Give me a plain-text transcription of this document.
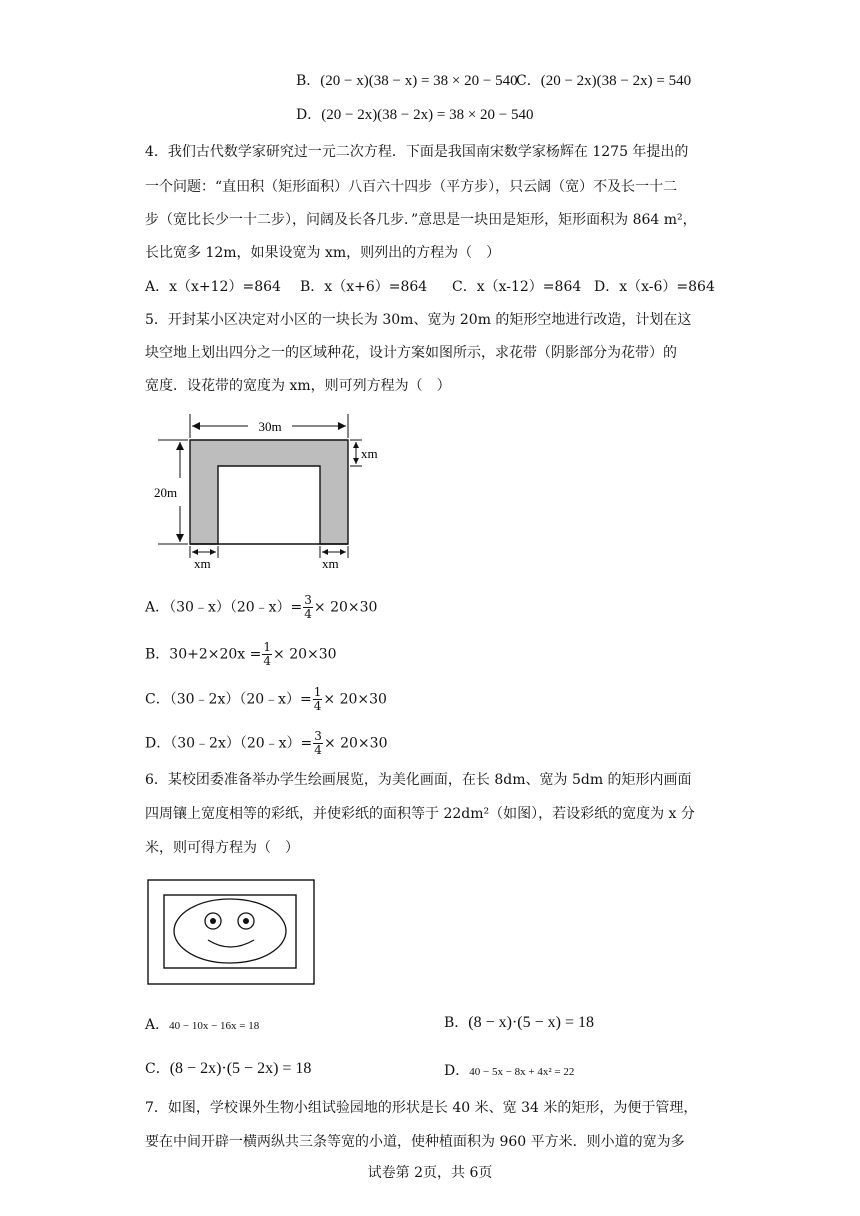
B．(20 − x)(38 − x) = 38 × 20 − 540
C．(20 − 2x)(38 − 2x) = 540
D．(20 − 2x)(38 − 2x) = 38 × 20 − 540
4．我们古代数学家研究过一元二次方程．下面是我国南宋数学家杨辉在 1275 年提出的
一个问题：“直田积（矩形面积）八百六十四步（平方步），只云阔（宽）不及长一十二
步（宽比长少一十二步），问阔及长各几步．”意思是一块田是矩形，矩形面积为 864 m²，
长比宽多 12m，如果设宽为 xm，则列出的方程为（　）
A．x（x+12）=864 B．x（x+6）=864 C．x（x-12）=864 D．x（x-6）=864
5．开封某小区决定对小区的一块长为 30m、宽为 20m 的矩形空地进行改造，计划在这
块空地上划出四分之一的区域种花，设计方案如图所示，求花带（阴影部分为花带）的
宽度．设花带的宽度为 xm，则可列方程为（　）
30m
20m
xm
xm	xm
A．（30﹣x）（20﹣x）= $\frac{3}{4} \times 20\times 30$
B．$30+2\times 20x = \frac{1}{4} \times 20\times 30$
C．（30﹣2x）（20﹣x）= $\frac{1}{4} \times 20\times 30$
D．（30﹣2x）（20﹣x）= $\frac{3}{4} \times 20\times 30$
6．某校团委准备举办学生绘画展览，为美化画面，在长 8dm、宽为 5dm 的矩形内画面
四周镶上宽度相等的彩纸，并使彩纸的面积等于 22dm²（如图），若设彩纸的宽度为 x 分
米，则可得方程为（　）
A．40 − 10x − 16x = 18	B．(8 − x)·(5 − x) = 18
C．(8 − 2x)·(5 − 2x) = 18	D．40 − 5x − 8x + 4x² = 22
7．如图，学校课外生物小组试验园地的形状是长 40 米、宽 34 米的矩形，为便于管理，
要在中间开辟一横两纵共三条等宽的小道，使种植面积为 960 平方米．则小道的宽为多
试卷第 2页，共 6页
